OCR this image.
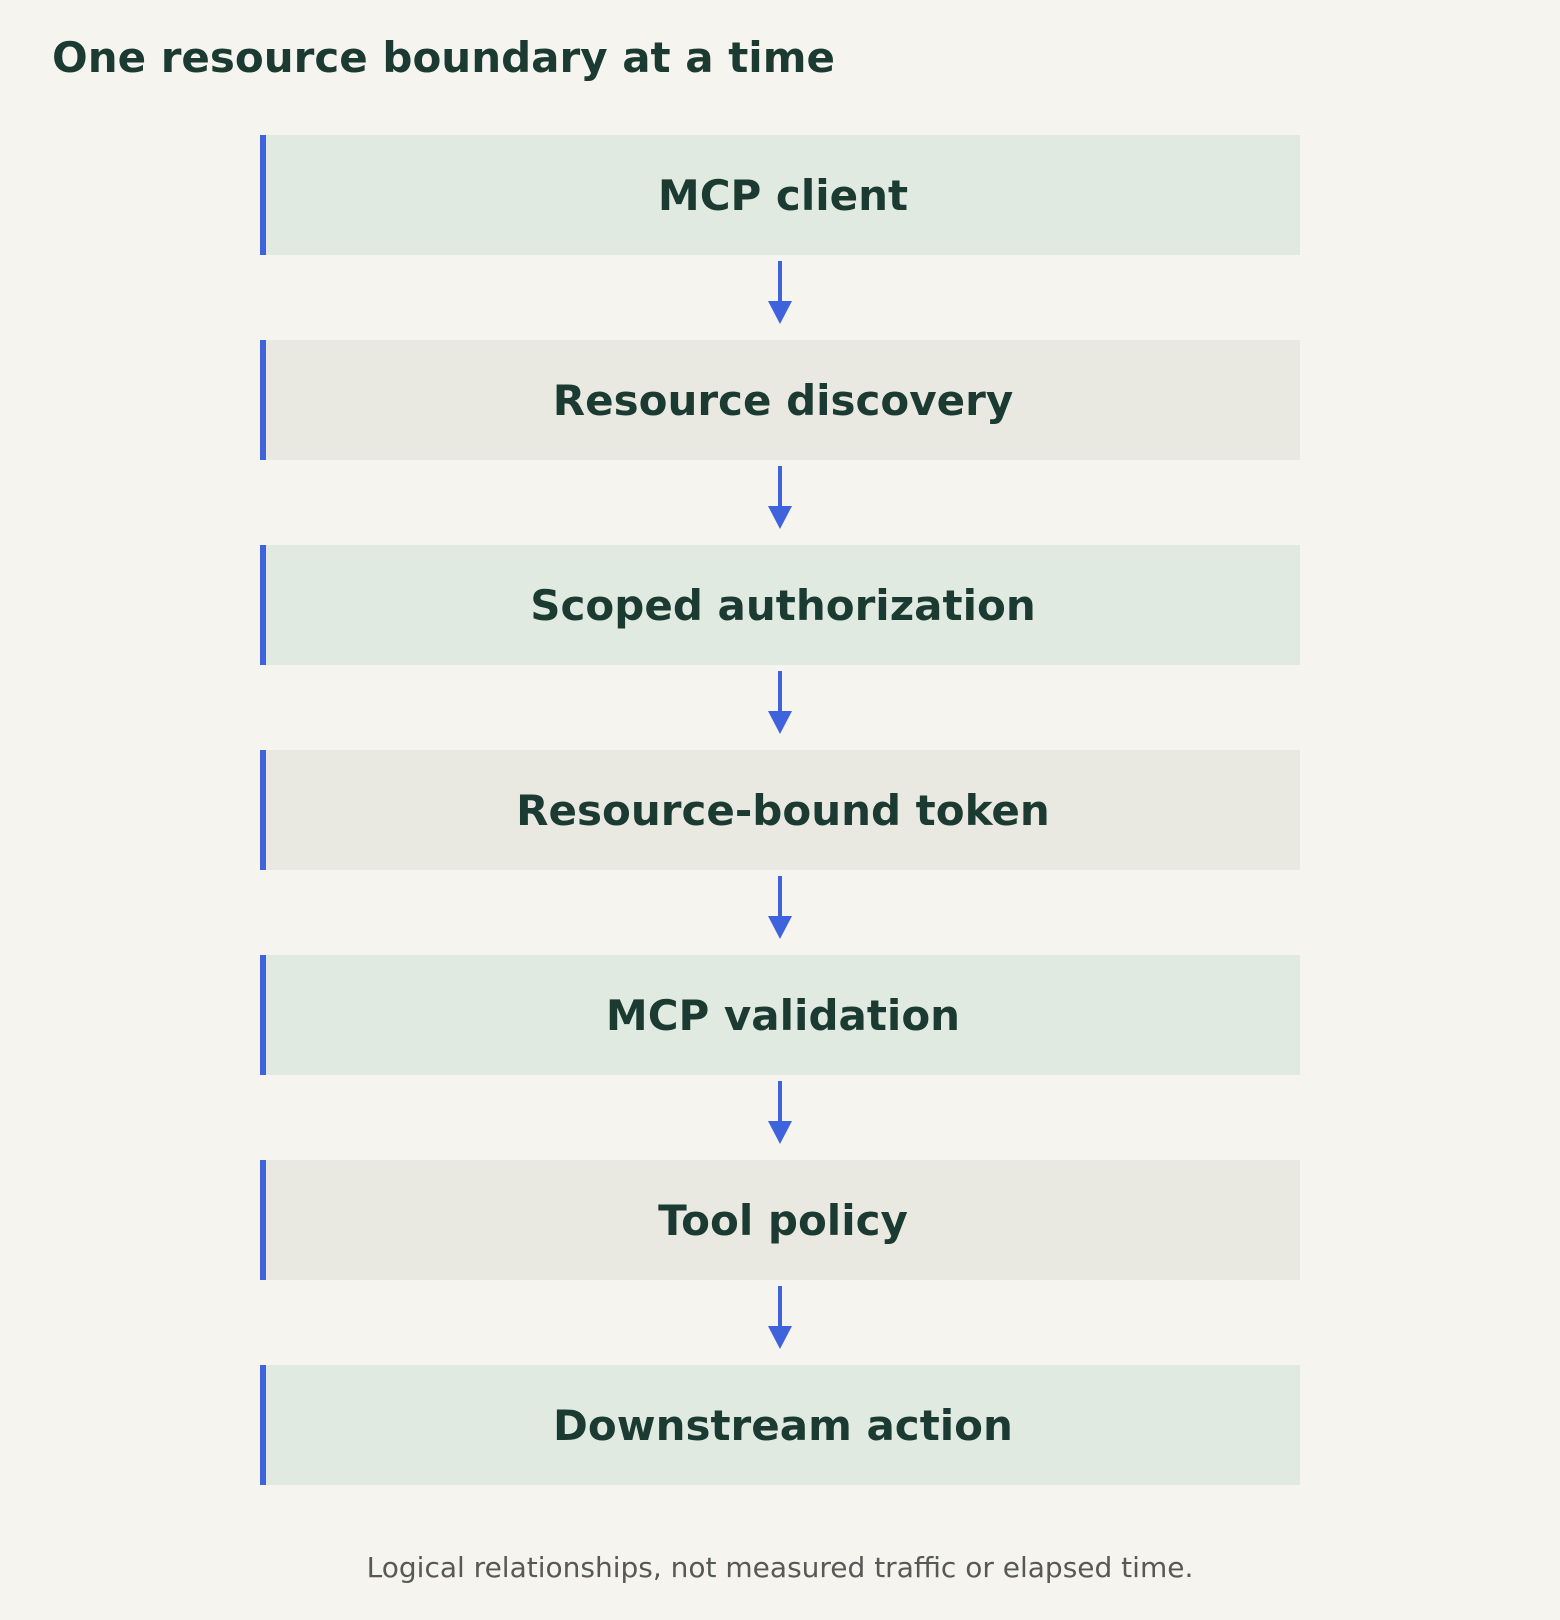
One resource boundary at a time
MCP client
Resource discovery
Scoped authorization
Resource-bound token
MCP validation
Tool policy
Downstream action
Logical relationships, not measured traffic or elapsed time.
